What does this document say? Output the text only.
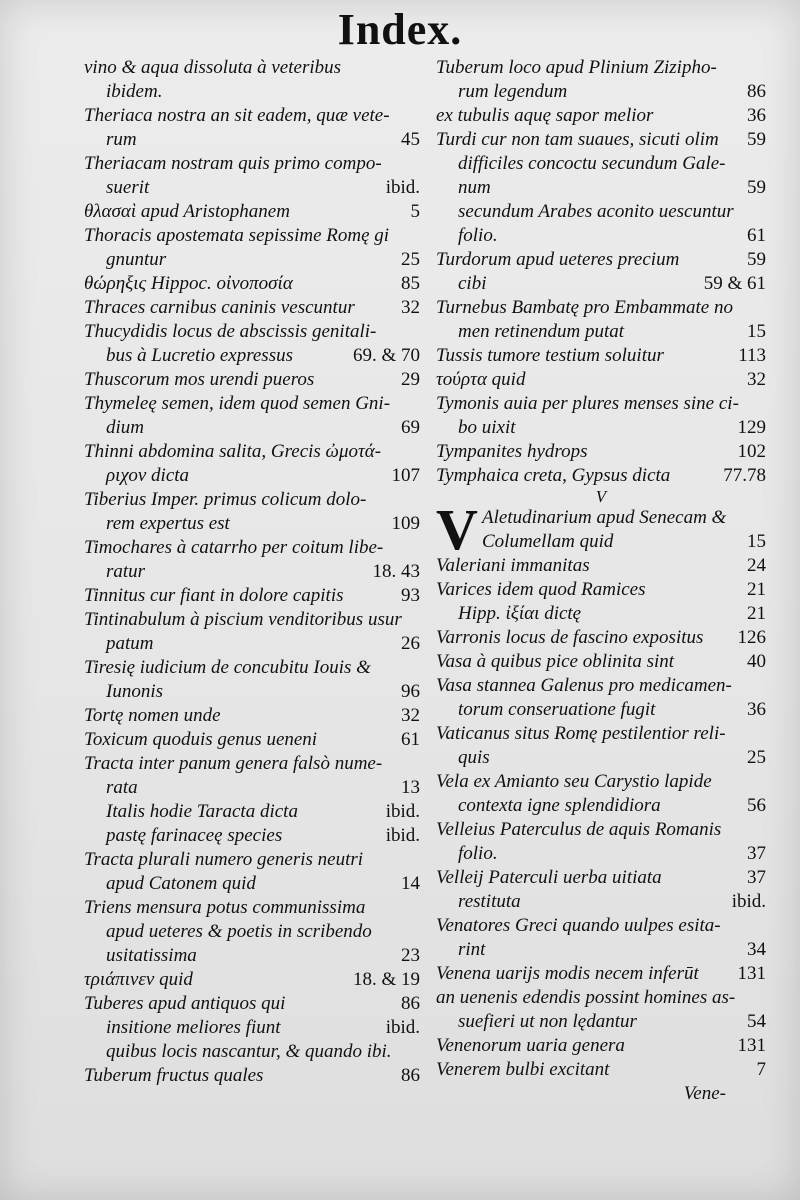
Index.
vino & aqua dissoluta à veteribus
ibidem.
Theriaca nostra an sit eadem, quæ vete-
rum	45
Theriacam nostram quis primo compo-
suerit	ibid.
θλασαὶ apud Aristophanem	5
Thoracis apostemata sepissime Romę gi
gnuntur	25
θώρηξις Hippoc. οἰνοποσία	85
Thraces carnibus caninis vescuntur	32
Thucydidis locus de abscissis genitali-
bus à Lucretio expressus	69. & 70
Thuscorum mos urendi pueros	29
Thymeleę semen, idem quod semen Gni-
dium	69
Thinni abdomina salita, Grecis ὠμοτά-
ριχον dicta	107
Tiberius Imper. primus colicum dolo-
rem expertus est	109
Timochares à catarrho per coitum libe-
ratur	18. 43
Tinnitus cur fiant in dolore capitis	93
Tintinabulum à piscium venditoribus usur
patum	26
Tiresię iudicium de concubitu Iouis &
Iunonis	96
Tortę nomen unde	32
Toxicum quoduis genus ueneni	61
Tracta inter panum genera falsò nume-
rata	13
Italis hodie Taracta dicta	ibid.
pastę farinaceę species	ibid.
Tracta plurali numero generis neutri
apud Catonem quid	14
Triens mensura potus communissima
apud ueteres & poetis in scribendo
usitatissima	23
τριάπινεν quid	18. & 19
Tuberes apud antiquos qui	86
insitione meliores fiunt	ibid.
quibus locis nascantur, & quando ibi.
Tuberum fructus quales	86
Tuberum loco apud Plinium Zizipho-
rum legendum	86
ex tubulis aquę sapor melior	36
Turdi cur non tam suaues, sicuti olim	59
difficiles concoctu secundum Gale-
num	59
secundum Arabes aconito uescuntur
folio.	61
Turdorum apud ueteres precium	59
cibi	59 & 61
Turnebus Bambatę pro Embammate no
men retinendum putat	15
Tussis tumore testium soluitur	113
τούρτα quid	32
Tymonis auia per plures menses sine ci-
bo uixit	129
Tympanites hydrops	102
Tymphaica creta, Gypsus dicta	77.78
V
V Aletudinarium apud Senecam &
Columellam quid	15
Valeriani immanitas	24
Varices idem quod Ramices	21
Hipp. ἰξίαι dictę	21
Varronis locus de fascino expositus	126
Vasa à quibus pice oblinita sint	40
Vasa stannea Galenus pro medicamen-
torum conseruatione fugit	36
Vaticanus situs Romę pestilentior reli-
quis	25
Vela ex Amianto seu Carystio lapide
contexta igne splendidiora	56
Velleius Paterculus de aquis Romanis
folio.	37
Velleij Paterculi uerba uitiata	37
restituta	ibid.
Venatores Greci quando uulpes esita-
rint	34
Venena uarijs modis necem inferūt	131
an uenenis edendis possint homines as-
suefieri ut non lędantur	54
Venenorum uaria genera	131
Venerem bulbi excitant	7
Vene-
